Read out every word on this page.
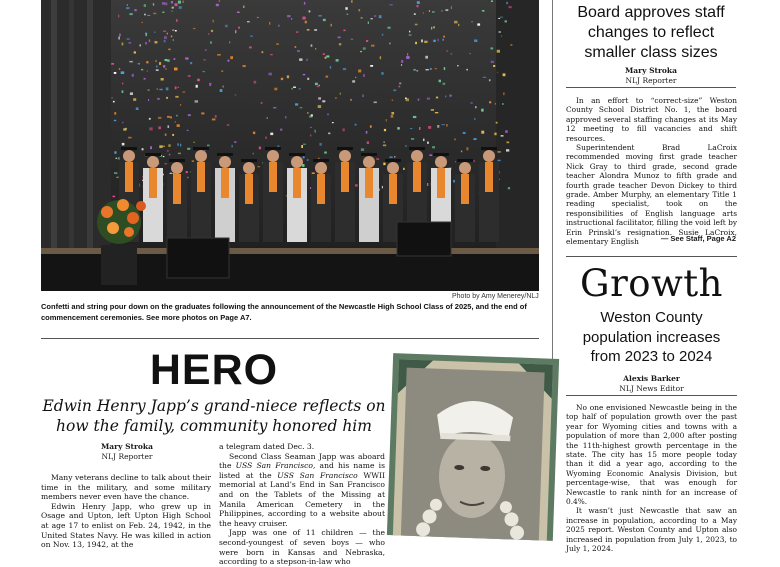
Photo by Amy Menerey/NLJ
Confetti and string pour down on the graduates following the announcement of the Newcastle High School Class of 2025, and the end of commencement ceremonies. See more photos on Page A7.
HERO
Edwin Henry Japp’s grand-niece reflects on how the family, community honored him
Mary Stroka
NLJ Reporter

Many veterans decline to talk about their time in the military, and some military members never even have the chance.

Edwin Henry Japp, who grew up in Osage and Upton, left Upton High School at age 17 to enlist on Feb. 24, 1942, in the United States Navy. He was killed in action on Nov. 13, 1942, at the

a telegram dated Dec. 3.

Second Class Seaman Japp was aboard the USS San Francisco, and his name is listed at the USS San Francisco WWII memorial at Land’s End in San Francisco and on the Tablets of the Missing at Manila American Cemetery in the Philippines, according to a website about the heavy cruiser.

Japp was one of 11 children — the second-youngest of seven boys — who were born in Kansas and Nebraska, according to a stepson-in-law who

Board approves staff changes to reflect smaller class sizes
Mary Stroka
NLJ Reporter

In an effort to “correct-size” Weston County School District No. 1, the board approved several staffing changes at its May 12 meeting to fill vacancies and shift resources.

Superintendent Brad LaCroix recommended moving first grade teacher Nick Gray to third grade, second grade teacher Alondra Munoz to fifth grade and fourth grade teacher Devon Dickey to third grade. Amber Murphy, an elementary Title 1 reading specialist, took on the responsibilities of English language arts instructional facilitator, filling the void left by Erin Prinskl’s resignation. Susie LaCroix, elementary English	— See Staff, Page A2
Growth
Weston County population increases from 2023 to 2024
Alexis Barker
NLJ News Editor

No one envisioned Newcastle being in the top half of population growth over the past year for Wyoming cities and towns with a population of more than 2,000 after posting the 11th-highest growth percentage in the state. The city has 15 more people today than it did a year ago, according to the Wyoming Economic Analysis Division, but percentage-wise, that was enough for Newcastle to rank ninth for an increase of 0.4%.

It wasn’t just Newcastle that saw an increase in population, according to a May 2025 report. Weston County and Upton also increased in population from July 1, 2023, to July 1, 2024.
